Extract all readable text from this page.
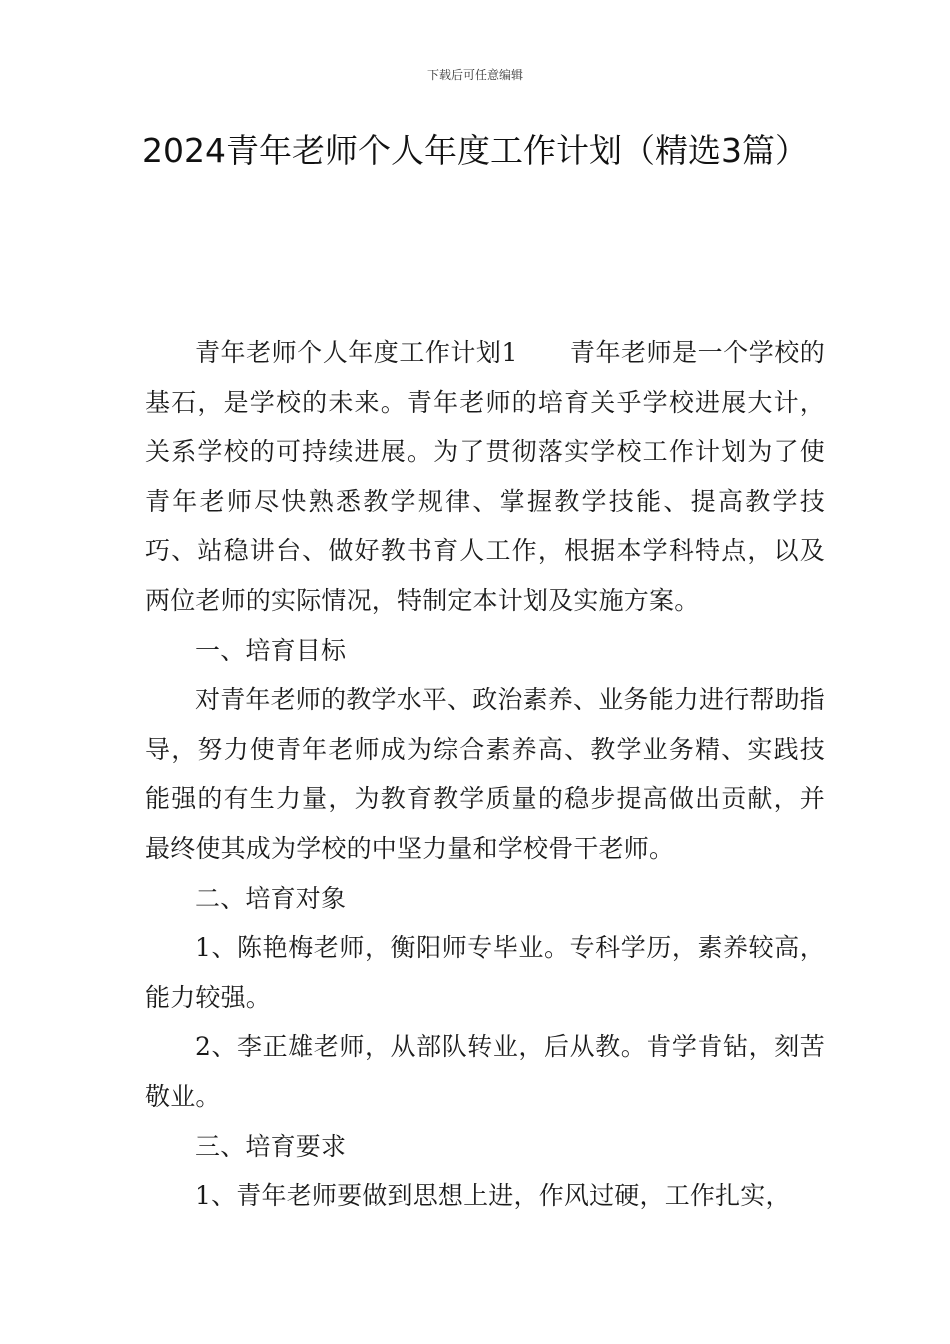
下载后可任意编辑
2024青年老师个人年度工作计划（精选3篇）

青年老师个人年度工作计划1 青年老师是一个学校的基石，是学校的未来。青年老师的培育关乎学校进展大计，关系学校的可持续进展。为了贯彻落实学校工作计划为了使青年老师尽快熟悉教学规律、掌握教学技能、提高教学技巧、站稳讲台、做好教书育人工作，根据本学科特点，以及两位老师的实际情况，特制定本计划及实施方案。

一、培育目标

对青年老师的教学水平、政治素养、业务能力进行帮助指导，努力使青年老师成为综合素养高、教学业务精、实践技能强的有生力量，为教育教学质量的稳步提高做出贡献，并最终使其成为学校的中坚力量和学校骨干老师。

二、培育对象

1、陈艳梅老师，衡阳师专毕业。专科学历，素养较高，能力较强。

2、李正雄老师，从部队转业，后从教。肯学肯钻，刻苦敬业。

三、培育要求

1、青年老师要做到思想上进，作风过硬，工作扎实，
